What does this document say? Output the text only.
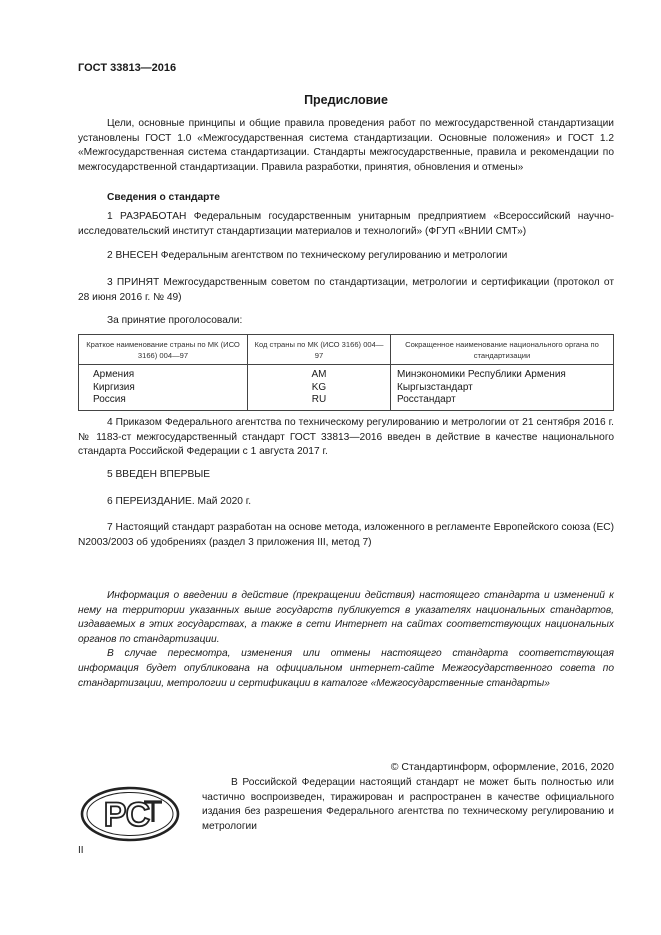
ГОСТ 33813—2016
Предисловие

Цели, основные принципы и общие правила проведения работ по межгосударственной стандартизации установлены ГОСТ 1.0 «Межгосударственная система стандартизации. Основные положения» и ГОСТ 1.2 «Межгосударственная система стандартизации. Стандарты межгосударственные, правила и рекомендации по межгосударственной стандартизации. Правила разработки, принятия, обновления и отмены»

Сведения о стандарте

1 РАЗРАБОТАН Федеральным государственным унитарным предприятием «Всероссийский научно-исследовательский институт стандартизации материалов и технологий» (ФГУП «ВНИИ СМТ»)

2 ВНЕСЕН Федеральным агентством по техническому регулированию и метрологии

3 ПРИНЯТ Межгосударственным советом по стандартизации, метрологии и сертификации (протокол от 28 июня 2016 г. № 49)

За принятие проголосовали:
Краткое наименование страны по МК (ИСО 3166) 004—97	Код страны по МК (ИСО 3166) 004—97	Сокращенное наименование национального органа по стандартизации
Армения	AM	Минэкономики Республики Армения
Киргизия	KG	Кыргызстандарт
Россия	RU	Росстандарт

4 Приказом Федерального агентства по техническому регулированию и метрологии от 21 сентября 2016 г. № 1183-ст межгосударственный стандарт ГОСТ 33813—2016 введен в действие в качестве национального стандарта Российской Федерации с 1 августа 2017 г.

5 ВВЕДЕН ВПЕРВЫЕ

6 ПЕРЕИЗДАНИЕ. Май 2020 г.

7 Настоящий стандарт разработан на основе метода, изложенного в регламенте Европейского союза (ЕС) N2003/2003 об удобрениях (раздел 3 приложения III, метод 7)

Информация о введении в действие (прекращении действия) настоящего стандарта и изменений к нему на территории указанных выше государств публикуется в указателях национальных стандартов, издаваемых в этих государствах, а также в сети Интернет на сайтах соответствующих национальных органов по стандартизации.

В случае пересмотра, изменения или отмены настоящего стандарта соответствующая информация будет опубликована на официальном интернет-сайте Межгосударственного совета по стандартизации, метрологии и сертификации в каталоге «Межгосударственные стандарты»

© Стандартинформ, оформление, 2016, 2020

В Российской Федерации настоящий стандарт не может быть полностью или частично воспроизведен, тиражирован и распространен в качестве официального издания без разрешения Федерального агентства по техническому регулированию и метрологии

РС
II
